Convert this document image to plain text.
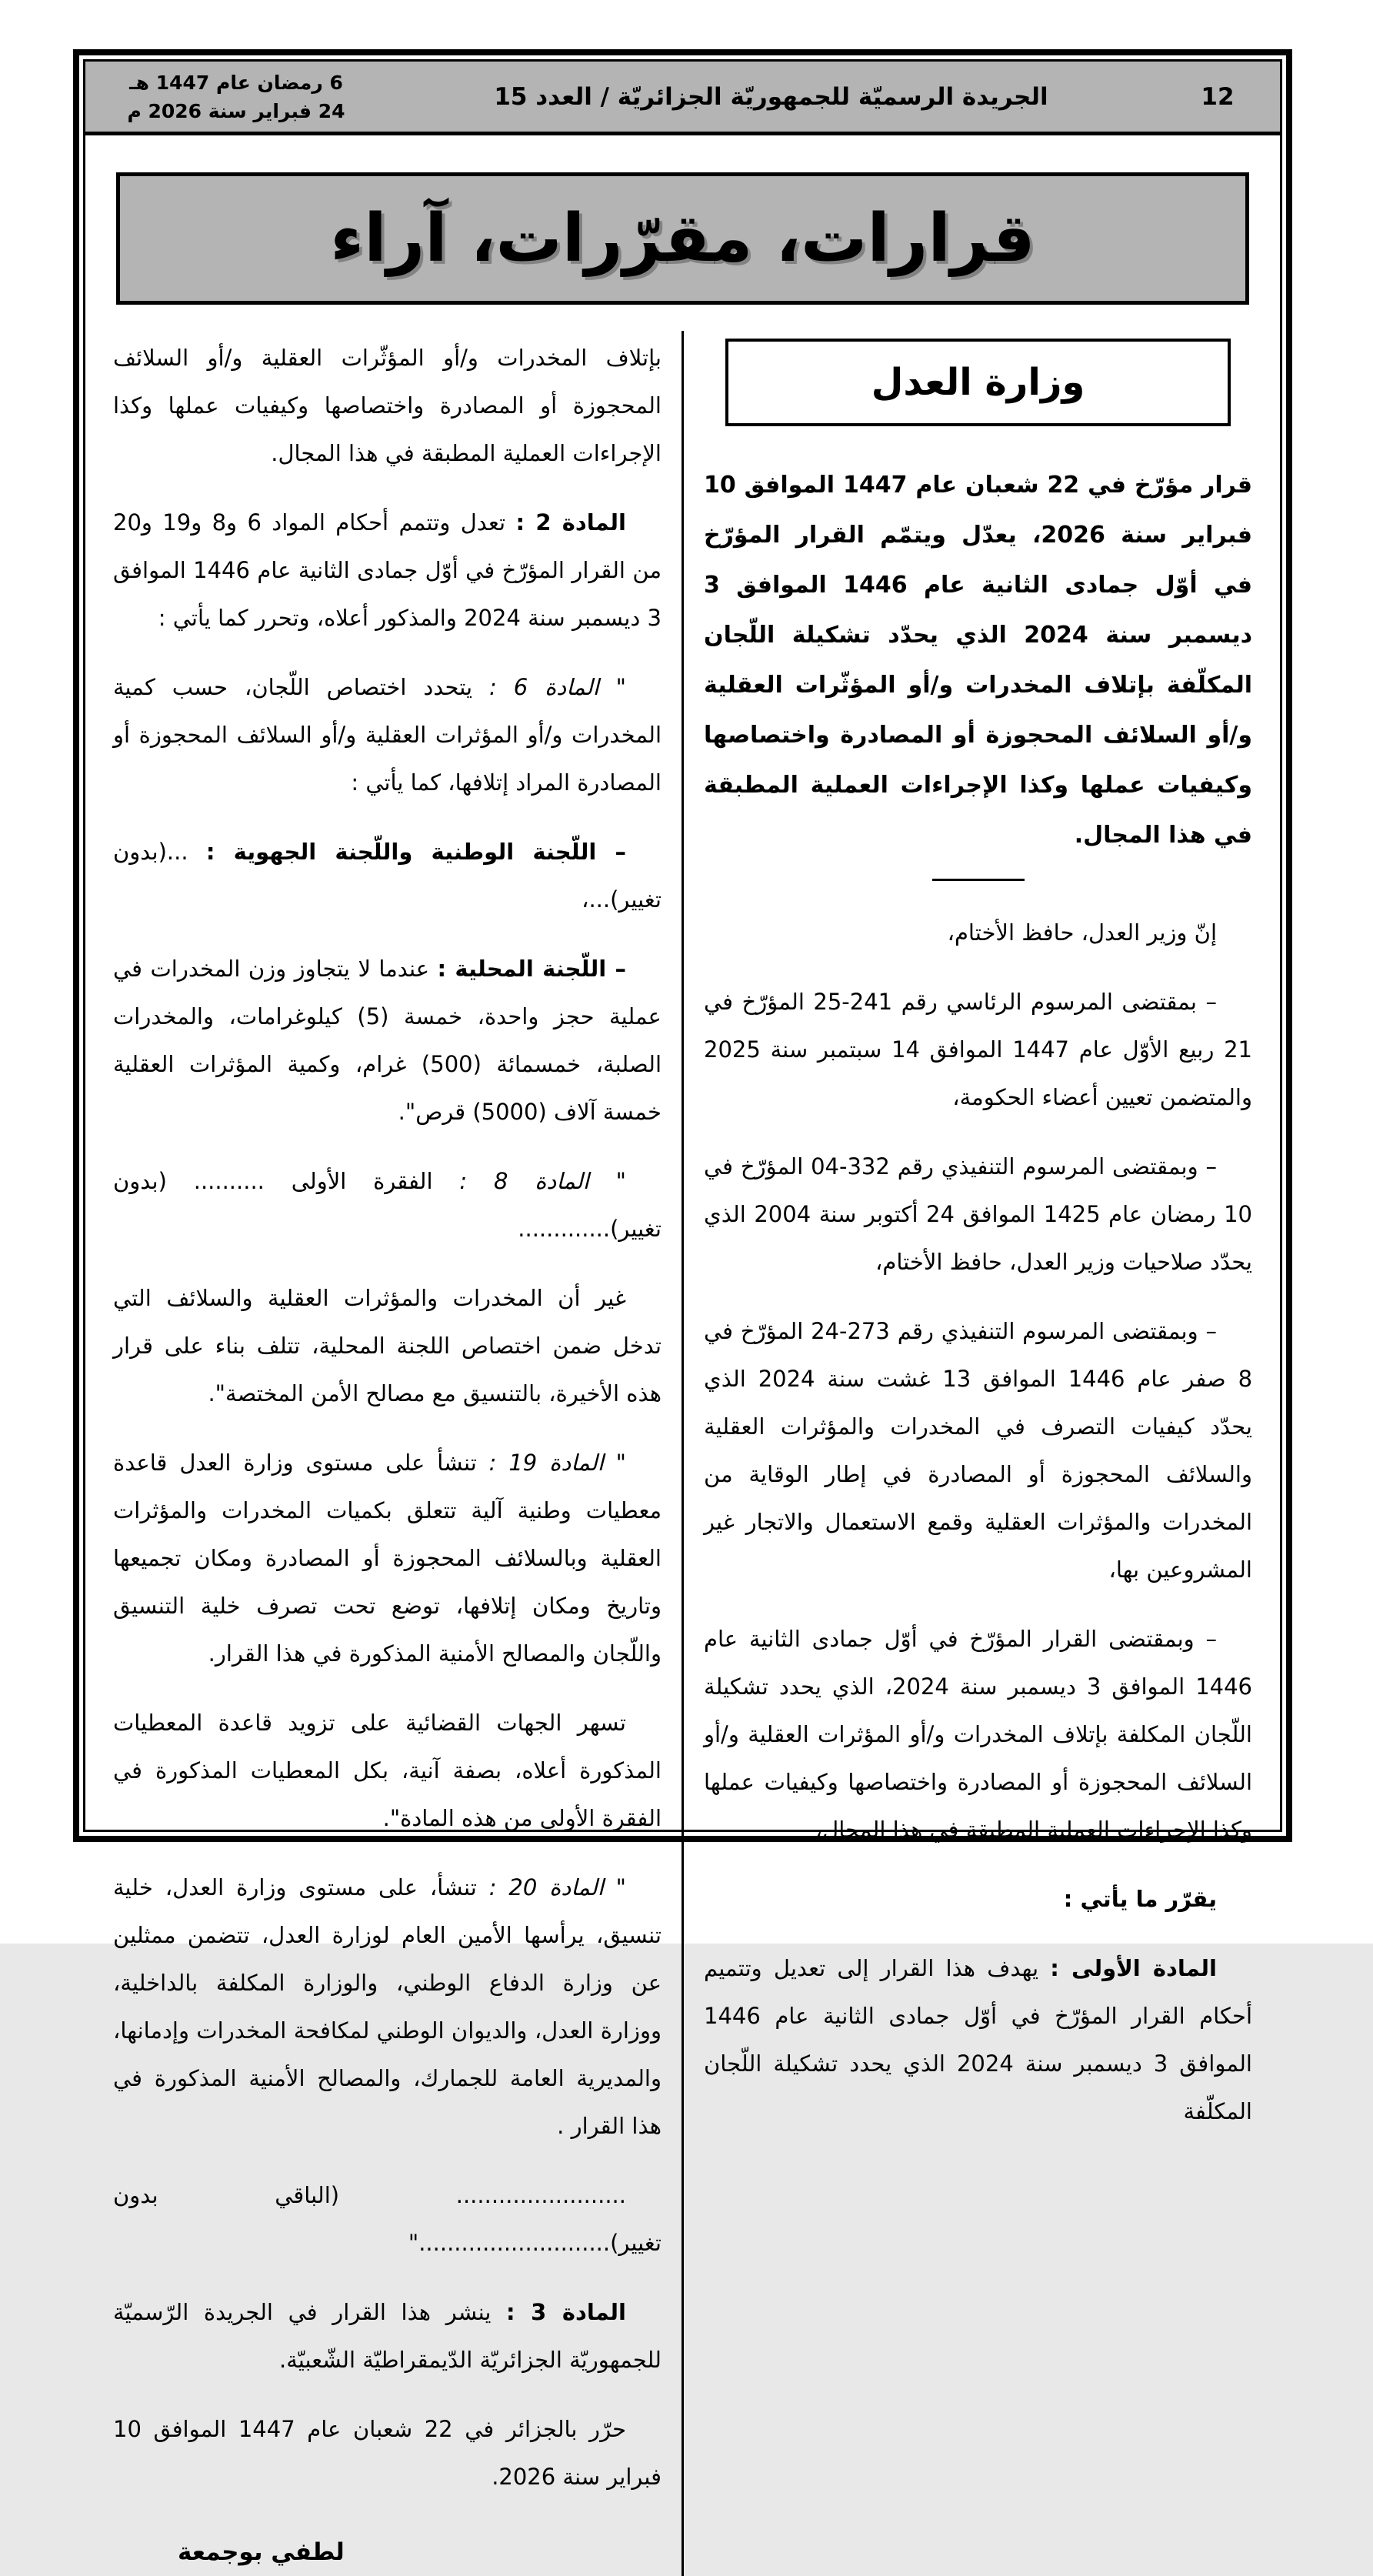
6 رمضان عام 1447 هـ
24 فبراير سنة 2026 م
الجريدة الرسميّة للجمهوريّة الجزائريّة / العدد 15	12
قرارات، مقرّرات، آراء

بإتلاف المخدرات و/أو المؤثّرات العقلية و/أو السلائف المحجوزة أو المصادرة واختصاصها وكيفيات عملها وكذا الإجراءات العملية المطبقة في هذا المجال.

المادة 2 : تعدل وتتمم أحكام المواد 6 و8 و19 و20 من القرار المؤرّخ في أوّل جمادى الثانية عام 1446 الموافق 3 ديسمبر سنة 2024 والمذكور أعلاه، وتحرر كما يأتي :

" المادة 6 : يتحدد اختصاص اللّجان، حسب كمية المخدرات و/أو المؤثرات العقلية و/أو السلائف المحجوزة أو المصادرة المراد إتلافها، كما يأتي :

– اللّجنة الوطنية واللّجنة الجهوية : ...(بدون تغيير)...،

– اللّجنة المحلية : عندما لا يتجاوز وزن المخدرات في عملية حجز واحدة، خمسة (5) كيلوغرامات، والمخدرات الصلبة، خمسمائة (500) غرام، وكمية المؤثرات العقلية خمسة آلاف (5000) قرص".

" المادة 8 : الفقرة الأولى .......... (بدون تغيير).............

غير أن المخدرات والمؤثرات العقلية والسلائف التي تدخل ضمن اختصاص اللجنة المحلية، تتلف بناء على قرار هذه الأخيرة، بالتنسيق مع مصالح الأمن المختصة".

" المادة 19 : تنشأ على مستوى وزارة العدل قاعدة معطيات وطنية آلية تتعلق بكميات المخدرات والمؤثرات العقلية وبالسلائف المحجوزة أو المصادرة ومكان تجميعها وتاريخ ومكان إتلافها، توضع تحت تصرف خلية التنسيق واللّجان والمصالح الأمنية المذكورة في هذا القرار.

تسهر الجهات القضائية على تزويد قاعدة المعطيات المذكورة أعلاه، بصفة آنية، بكل المعطيات المذكورة في الفقرة الأولى من هذه المادة".

" المادة 20 : تنشأ، على مستوى وزارة العدل، خلية تنسيق، يرأسها الأمين العام لوزارة العدل، تتضمن ممثلين عن وزارة الدفاع الوطني، والوزارة المكلفة بالداخلية، ووزارة العدل، والديوان الوطني لمكافحة المخدرات وإدمانها، والمديرية العامة للجمارك، والمصالح الأمنية المذكورة في هذا القرار .

........................ (الباقي بدون تغيير)..........................."

المادة 3 : ينشر هذا القرار في الجريدة الرّسميّة للجمهوريّة الجزائريّة الدّيمقراطيّة الشّعبيّة.

حرّر بالجزائر في 22 شعبان عام 1447 الموافق 10 فبراير سنة 2026.

لطفي بوجمعة
وزارة العدل

قرار مؤرّخ في 22 شعبان عام 1447 الموافق 10 فبراير سنة 2026، يعدّل ويتمّم القرار المؤرّخ في أوّل جمادى الثانية عام 1446 الموافق 3 ديسمبر سنة 2024 الذي يحدّد تشكيلة اللّجان المكلّفة بإتلاف المخدرات و/أو المؤثّرات العقلية و/أو السلائف المحجوزة أو المصادرة واختصاصها وكيفيات عملها وكذا الإجراءات العملية المطبقة في هذا المجال.

إنّ وزير العدل، حافظ الأختام،

– بمقتضى المرسوم الرئاسي رقم 241-25 المؤرّخ في 21 ربيع الأوّل عام 1447 الموافق 14 سبتمبر سنة 2025 والمتضمن تعيين أعضاء الحكومة،

– وبمقتضى المرسوم التنفيذي رقم 332-04 المؤرّخ في 10 رمضان عام 1425 الموافق 24 أكتوبر سنة 2004 الذي يحدّد صلاحيات وزير العدل، حافظ الأختام،

– وبمقتضى المرسوم التنفيذي رقم 273-24 المؤرّخ في 8 صفر عام 1446 الموافق 13 غشت سنة 2024 الذي يحدّد كيفيات التصرف في المخدرات والمؤثرات العقلية والسلائف المحجوزة أو المصادرة في إطار الوقاية من المخدرات والمؤثرات العقلية وقمع الاستعمال والاتجار غير المشروعين بها،

– وبمقتضى القرار المؤرّخ في أوّل جمادى الثانية عام 1446 الموافق 3 ديسمبر سنة 2024، الذي يحدد تشكيلة اللّجان المكلفة بإتلاف المخدرات و/أو المؤثرات العقلية و/أو السلائف المحجوزة أو المصادرة واختصاصها وكيفيات عملها وكذا الإجراءات العملية المطبقة في هذا المجال،

يقرّر ما يأتي :

المادة الأولى : يهدف هذا القرار إلى تعديل وتتميم أحكام القرار المؤرّخ في أوّل جمادى الثانية عام 1446 الموافق 3 ديسمبر سنة 2024 الذي يحدد تشكيلة اللّجان المكلّفة
